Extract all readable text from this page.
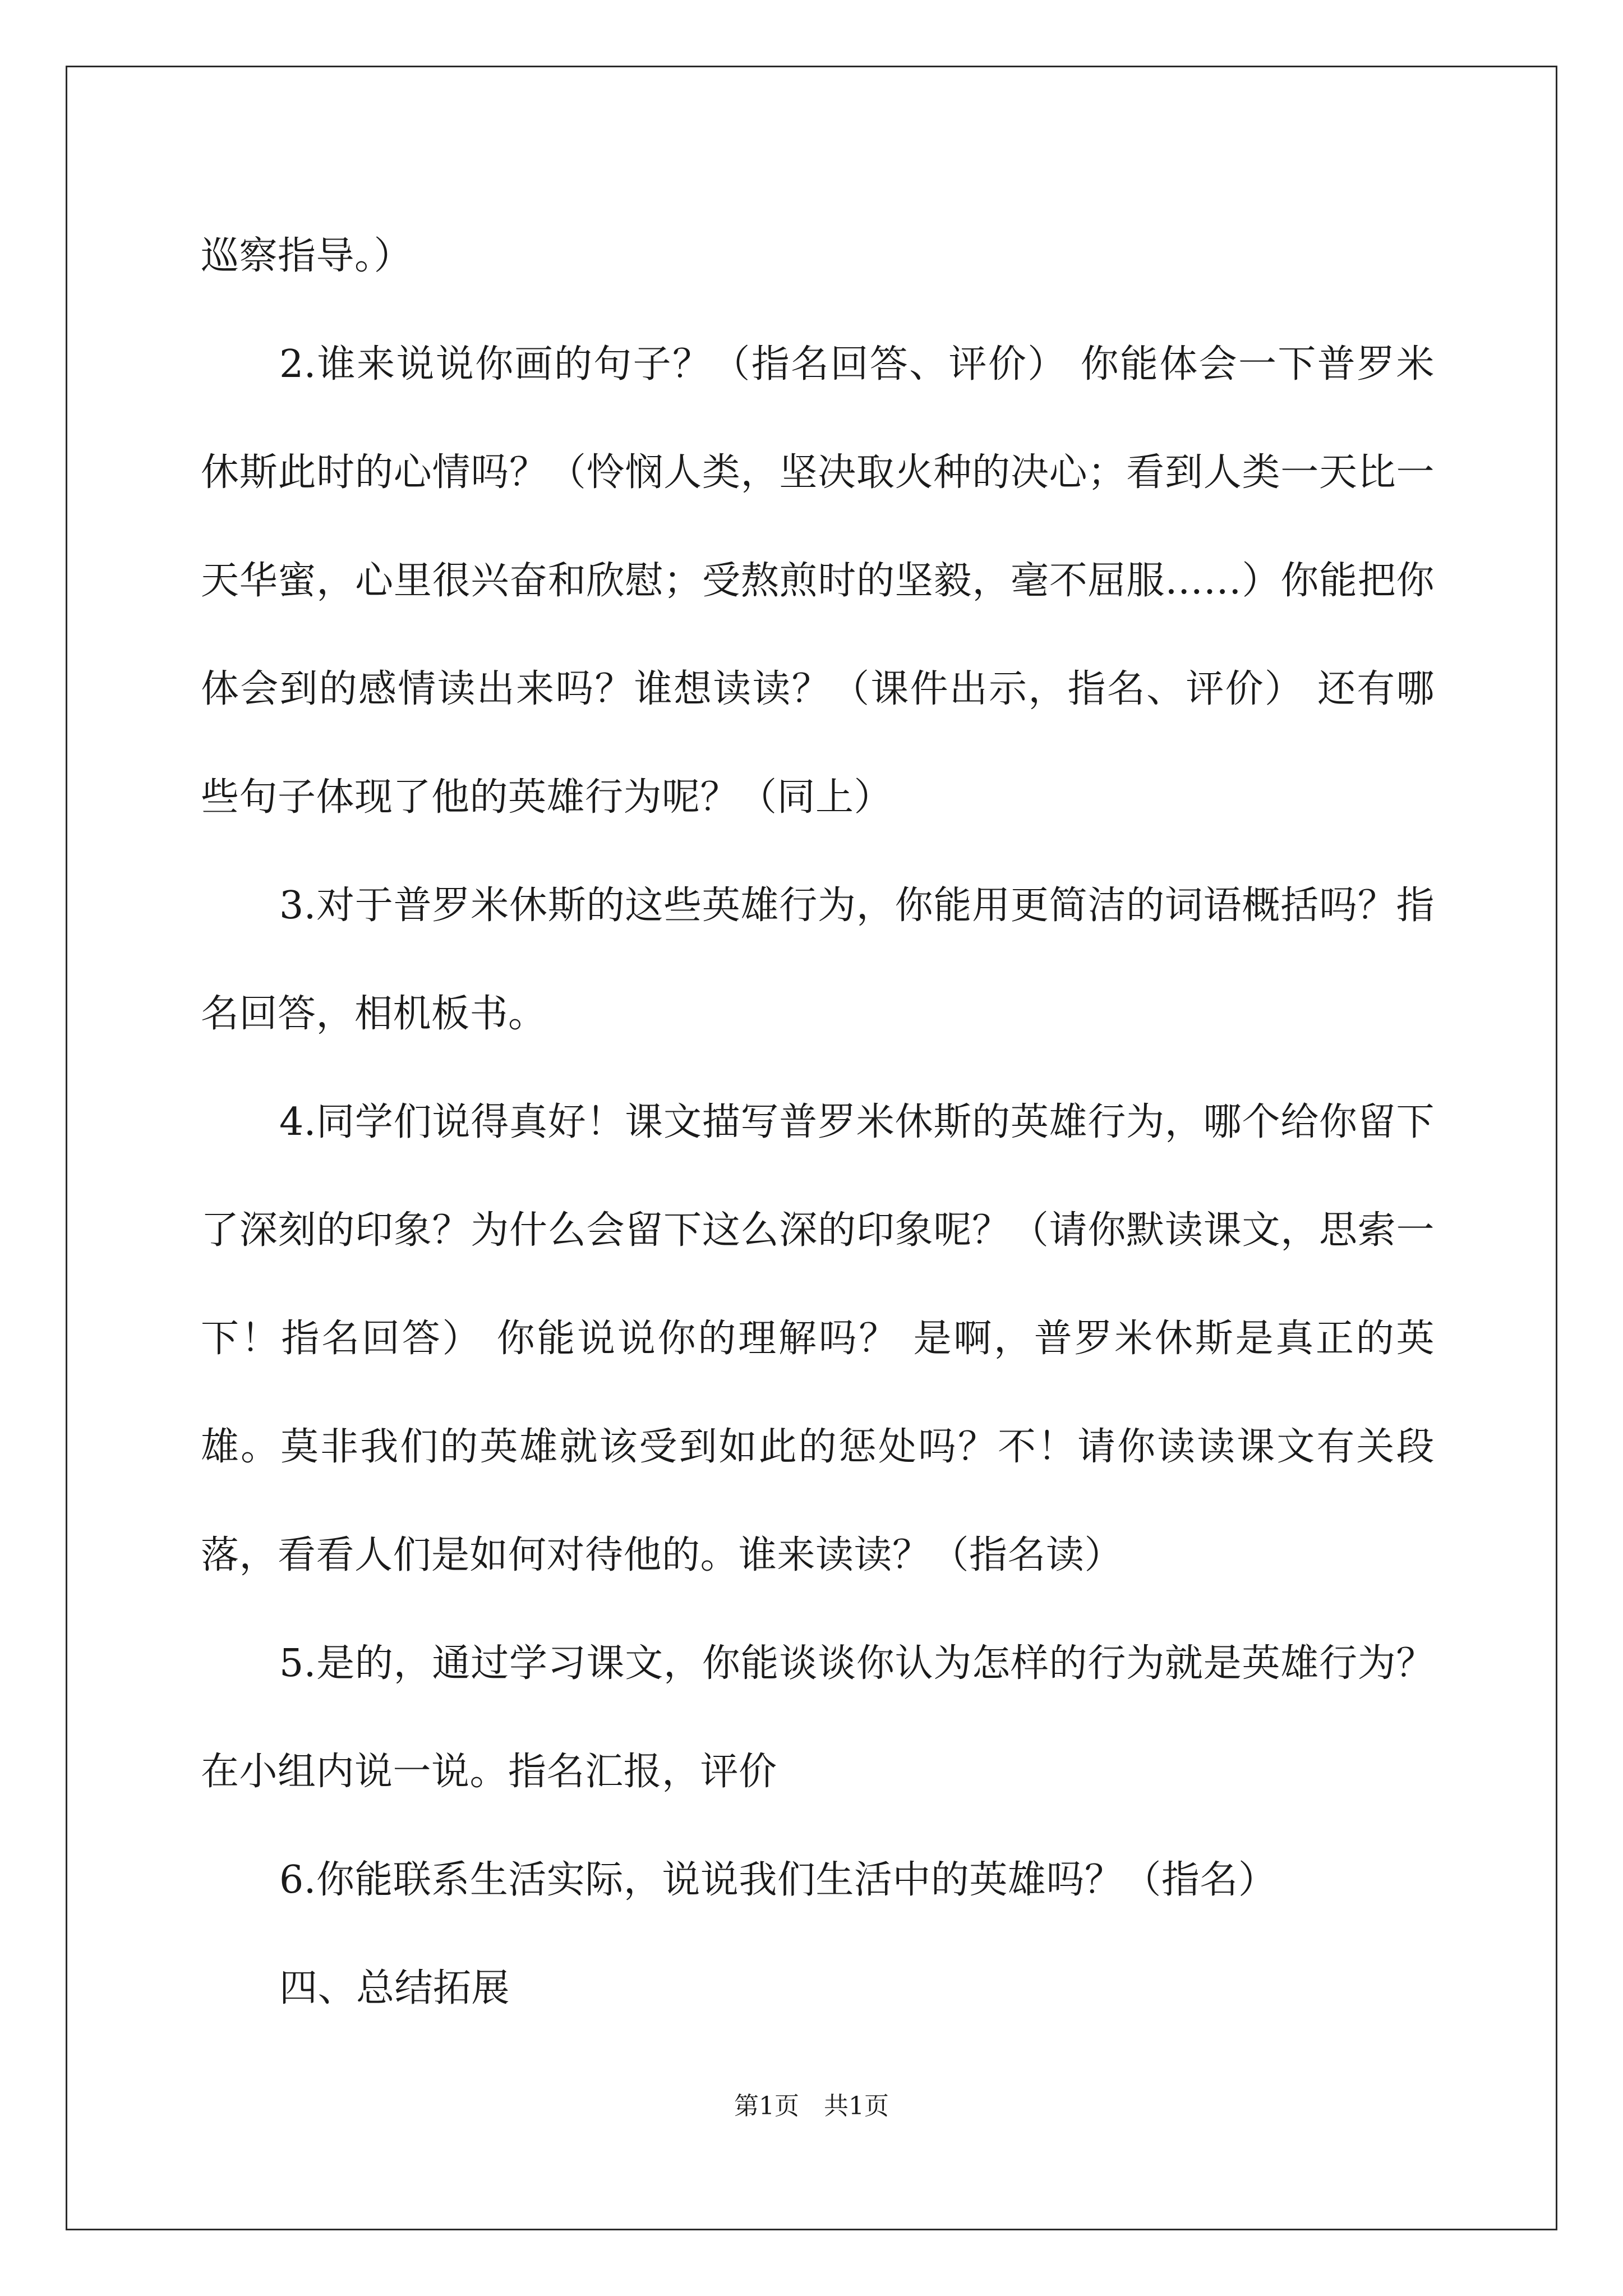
巡察指导。）

2.谁来说说你画的句子？（指名回答、评价） 你能体会一下普罗米休斯此时的心情吗？（怜悯人类，坚决取火种的决心；看到人类一天比一天华蜜，心里很兴奋和欣慰；受熬煎时的坚毅，毫不屈服……）你能把你体会到的感情读出来吗？谁想读读？（课件出示，指名、评价） 还有哪些句子体现了他的英雄行为呢？（同上）

3.对于普罗米休斯的这些英雄行为，你能用更简洁的词语概括吗？指名回答，相机板书。

4.同学们说得真好！课文描写普罗米休斯的英雄行为，哪个给你留下了深刻的印象？为什么会留下这么深的印象呢？（请你默读课文，思索一下！指名回答） 你能说说你的理解吗？ 是啊，普罗米休斯是真正的英雄。莫非我们的英雄就该受到如此的惩处吗？不！请你读读课文有关段落，看看人们是如何对待他的。谁来读读？（指名读）

5.是的，通过学习课文，你能谈谈你认为怎样的行为就是英雄行为？在小组内说一说。指名汇报，评价

6.你能联系生活实际，说说我们生活中的英雄吗？（指名）

四、总结拓展

第1页　共1页
